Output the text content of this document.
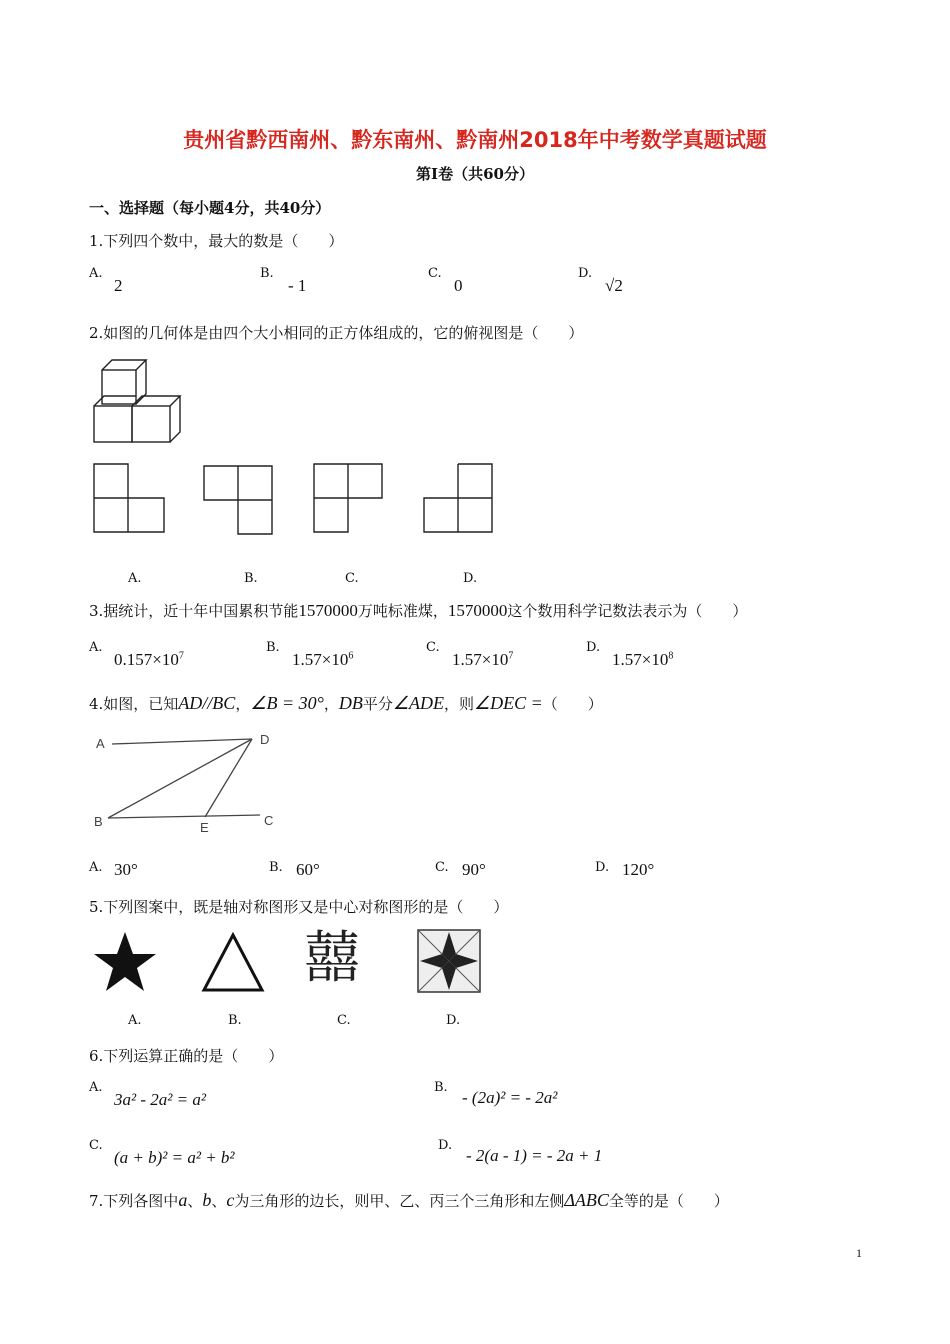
贵州省黔西南州、黔东南州、黔南州2018年中考数学真题试题
第Ⅰ卷（共60分）
一、选择题（每小题4分，共40分）
1.下列四个数中，最大的数是（　　）
A.
2
B.
- 1
C.
0
D.
√2
2.如图的几何体是由四个大小相同的正方体组成的，它的俯视图是（　　）
A.	B.	C.	D.
3.据统计，近十年中国累积节能1570000万吨标准煤，1570000这个数用科学记数法表示为（　　）
A.
$0.157\times 10^7$
B.
$1.57\times 10^6$
C.
$1.57\times 10^7$
D.
$1.57\times 10^8$
4.如图，已知AD//BC，∠B = 30°，DB平分∠ADE，则∠DEC =（　　）
A	D
B	E	C
A. 30°	B. 60°	C. 90°	D. 120°
5.下列图案中，既是轴对称图形又是中心对称图形的是（　　）
囍
A.	B.	C.	D.
6.下列运算正确的是（　　）
A.
3a² - 2a² = a²
B.
- (2a)² = - 2a²
C.
(a + b)² = a² + b²
D.
- 2(a - 1) = - 2a + 1
7.下列各图中a、b、c为三角形的边长，则甲、乙、丙三个三角形和左侧ΔABC全等的是（　　）
1
